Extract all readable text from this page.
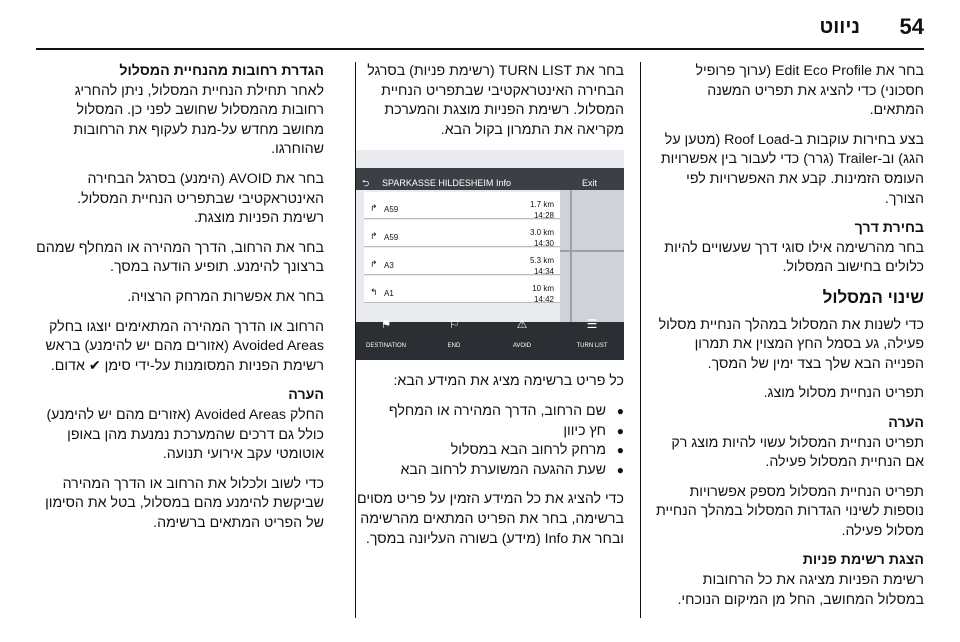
54
ניווט

בחר את Edit Eco Profile (ערוך פרופיל חסכוני) כדי להציג את תפריט המשנה המתאים.

בצע בחירות עוקבות ב-Roof Load (מטען על הגג) וב-Trailer (גרר) כדי לעבור בין אפשרויות העומס הזמינות. קבע את האפשרויות לפי הצורך.

בחירת דרך

בחר מהרשימה אילו סוגי דרך שעשויים להיות כלולים בחישוב המסלול.

שינוי המסלול

כדי לשנות את המסלול במהלך הנחיית מסלול פעילה, גע בסמל החץ המצוין את תמרון הפנייה הבא שלך בצד ימין של המסך.

תפריט הנחיית מסלול מוצג.

הערה

תפריט הנחיית המסלול עשוי להיות מוצג רק אם הנחיית המסלול פעילה.

תפריט הנחיית המסלול מספק אפשרויות נוספות לשינוי הגדרות המסלול במהלך הנחיית מסלול פעילה.

הצגת רשימת פניות

רשימת הפניות מציגה את כל הרחובות במסלול המחושב, החל מן המיקום הנוכחי.

בחר את TURN LIST (רשימת פניות) בסרגל הבחירה האינטראקטיבי שבתפריט הנחיית המסלול. רשימת הפניות מוצגת והמערכת מקריאה את התמרון בקול הבא.

⮌ SPARKASSE HILDESHEIM Info	Exit
↱ A59
1.7 km
14:28
↱ A59
3.0 km
14:30
↱ A3
5.3 km
14:34
↰ A1
10 km
14:42
⚑
DESTINATION
⚐
END
⚠
AVOID
☰
TURN LIST

כל פריט ברשימה מציג את המידע הבא:

● שם הרחוב, הדרך המהירה או המחלף
● חץ כיוון
● מרחק לרחוב הבא במסלול
● שעת ההגעה המשוערת לרחוב הבא

כדי להציג את כל המידע הזמין על פריט מסוים ברשימה, בחר את הפריט המתאים מהרשימה ובחר את Info (מידע) בשורה העליונה במסך.

הגדרת רחובות מהנחיית המסלול

לאחר תחילת הנחיית המסלול, ניתן להחריג רחובות מהמסלול שחושב לפני כן. המסלול מחושב מחדש על-מנת לעקוף את הרחובות שהוחרגו.

בחר את AVOID (הימנע) בסרגל הבחירה האינטראקטיבי שבתפריט הנחיית המסלול. רשימת הפניות מוצגת.

בחר את הרחוב, הדרך המהירה או המחלף שמהם ברצונך להימנע. תופיע הודעה במסך.

בחר את אפשרות המרחק הרצויה.

הרחוב או הדרך המהירה המתאימים יוצגו בחלק Avoided Areas (אזורים מהם יש להימנע) בראש רשימת הפניות המסומנות על-ידי סימן ✔ אדום.

הערה

החלק Avoided Areas (אזורים מהם יש להימנע) כולל גם דרכים שהמערכת נמנעת מהן באופן אוטומטי עקב אירועי תנועה.

כדי לשוב ולכלול את הרחוב או הדרך המהירה שביקשת להימנע מהם במסלול, בטל את הסימון של הפריט המתאים ברשימה.
